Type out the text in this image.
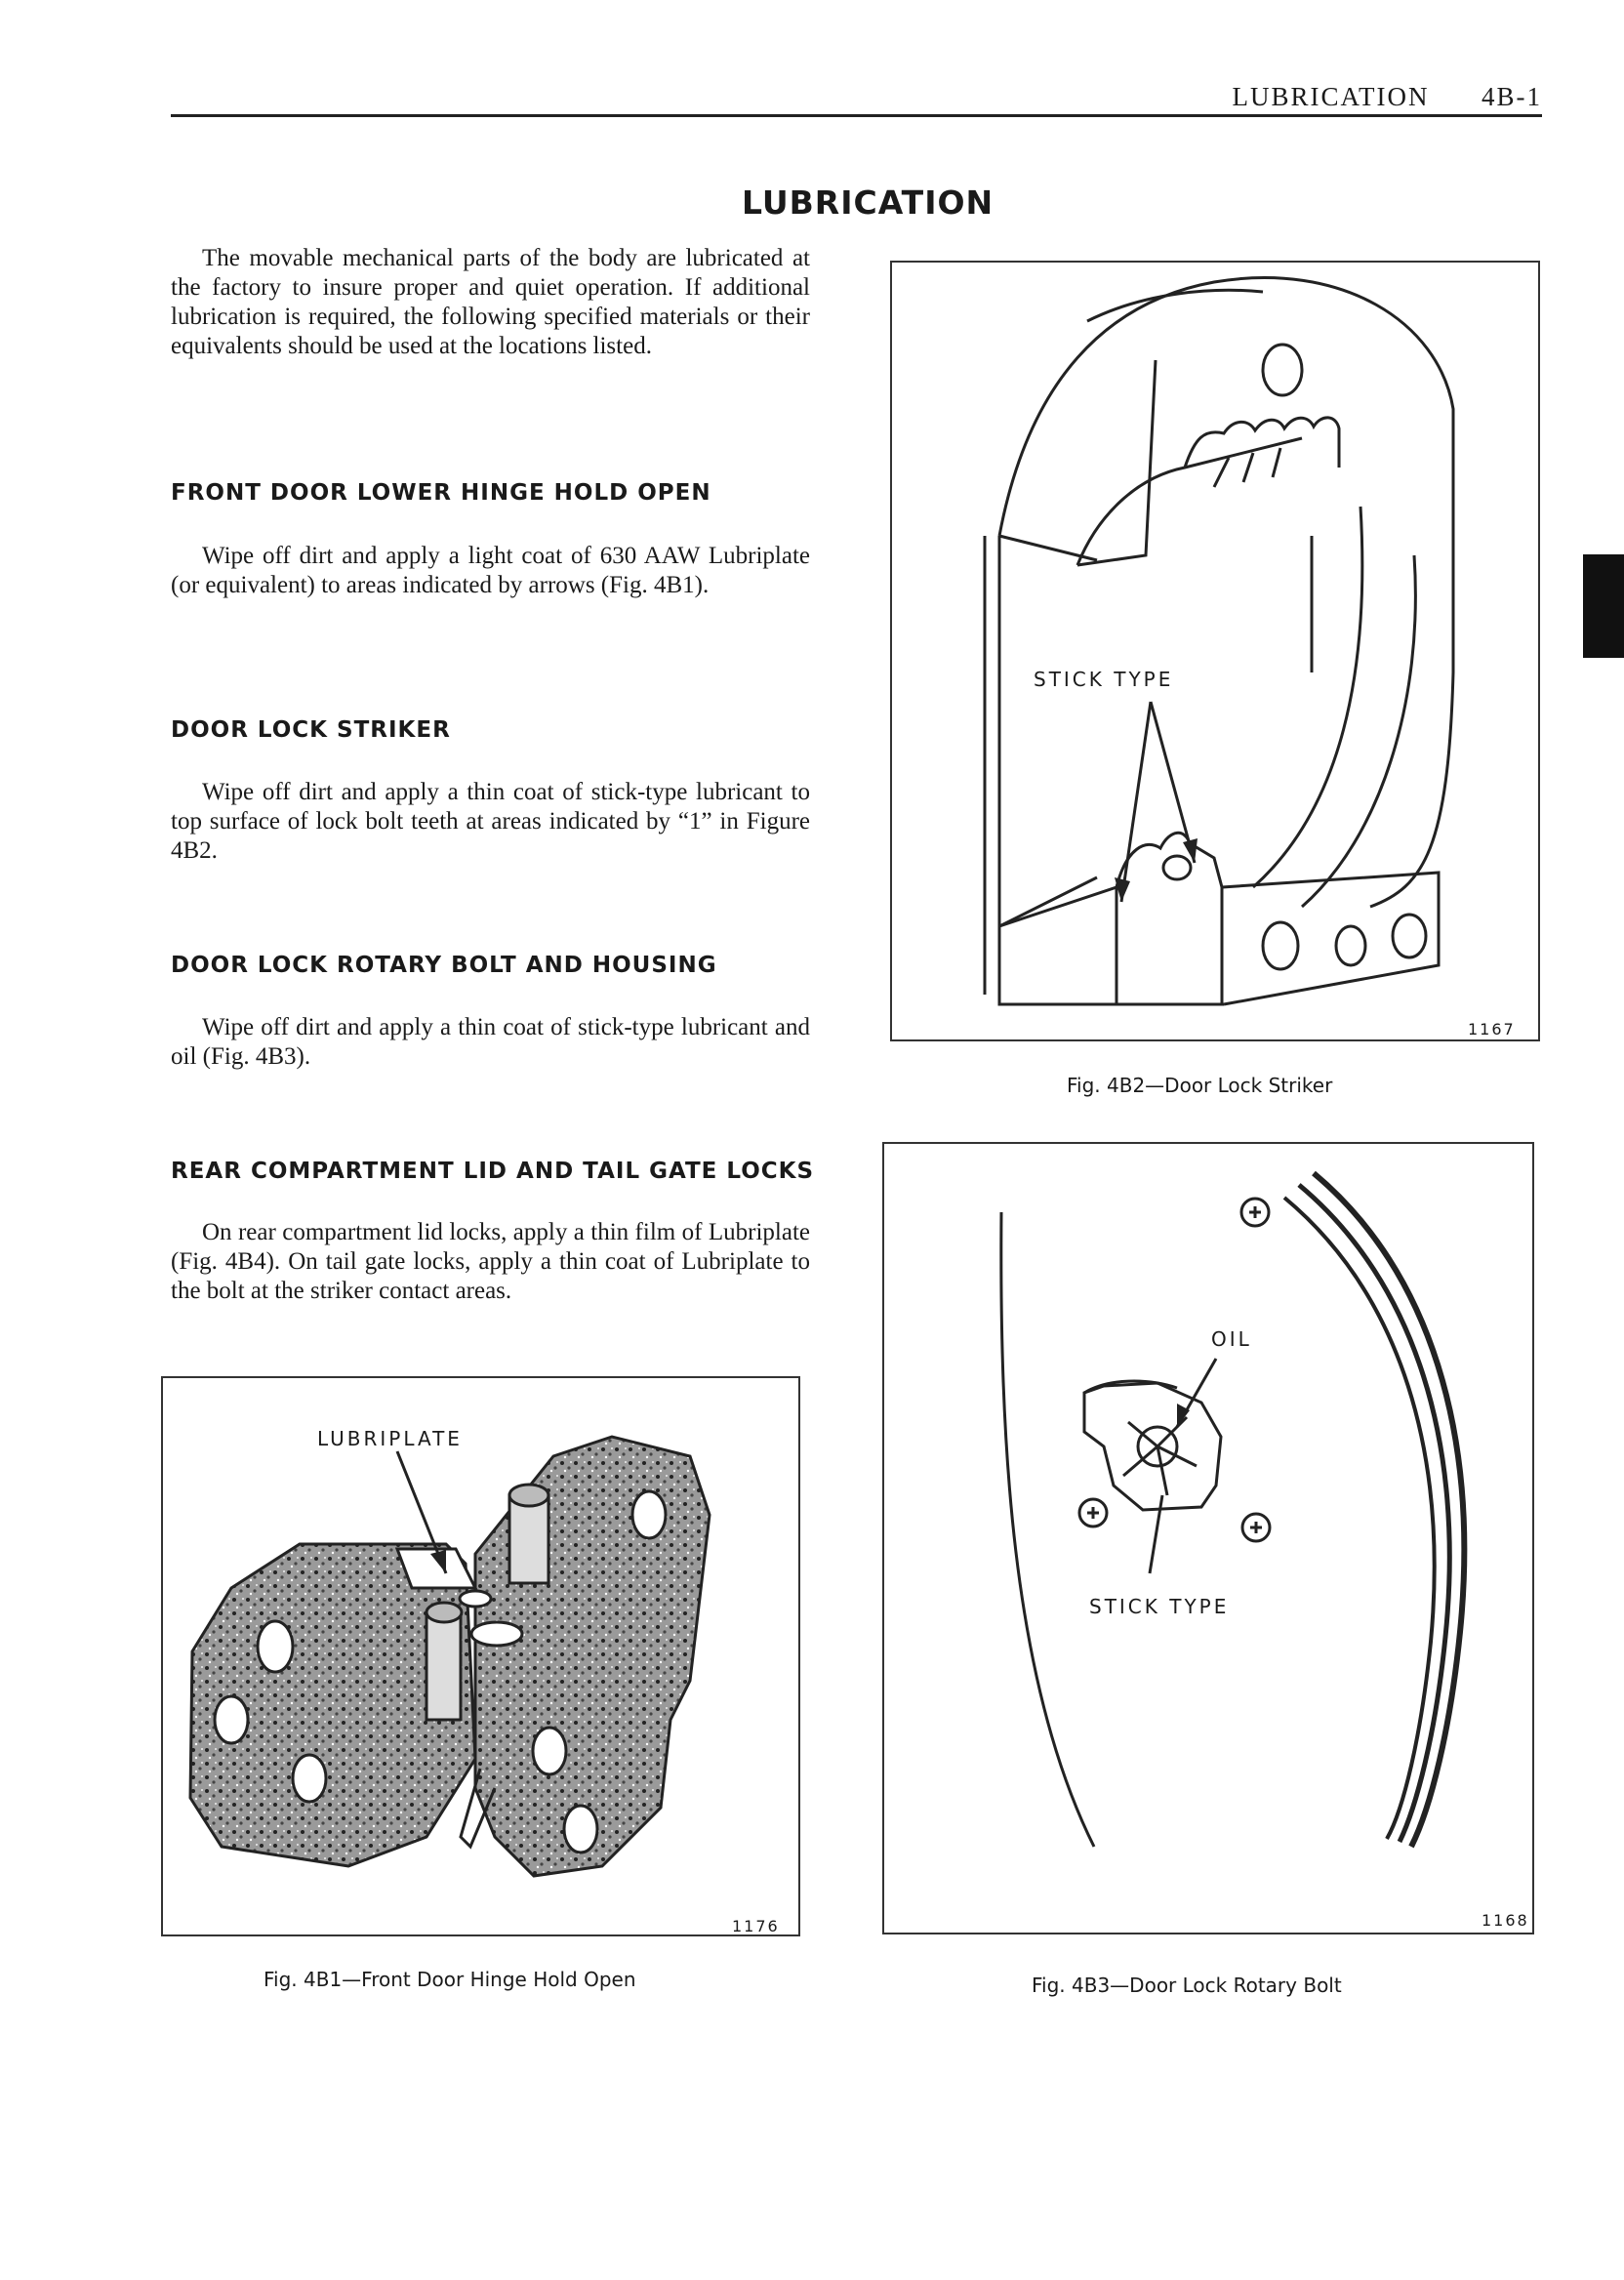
LUBRICATION 4B-1
LUBRICATION
The movable mechanical parts of the body are lubricated at the factory to insure proper and quiet operation. If additional lubrication is required, the following specified materials or their equivalents should be used at the locations listed.
FRONT DOOR LOWER HINGE HOLD OPEN
Wipe off dirt and apply a light coat of 630 AAW Lubriplate (or equivalent) to areas indicated by arrows (Fig. 4B1).
DOOR LOCK STRIKER
Wipe off dirt and apply a thin coat of stick-type lubricant to top surface of lock bolt teeth at areas indicated by “1” in Figure 4B2.
DOOR LOCK ROTARY BOLT AND HOUSING
Wipe off dirt and apply a thin coat of stick-type lubricant and oil (Fig. 4B3).
REAR COMPARTMENT LID AND TAIL GATE LOCKS
On rear compartment lid locks, apply a thin film of Lubriplate (Fig. 4B4). On tail gate locks, apply a thin coat of Lubriplate to the bolt at the striker contact areas.
STICK TYPE
1167
Fig. 4B2—Door Lock Striker
OIL
STICK TYPE
1168
Fig. 4B3—Door Lock Rotary Bolt
LUBRIPLATE
1176
Fig. 4B1—Front Door Hinge Hold Open
